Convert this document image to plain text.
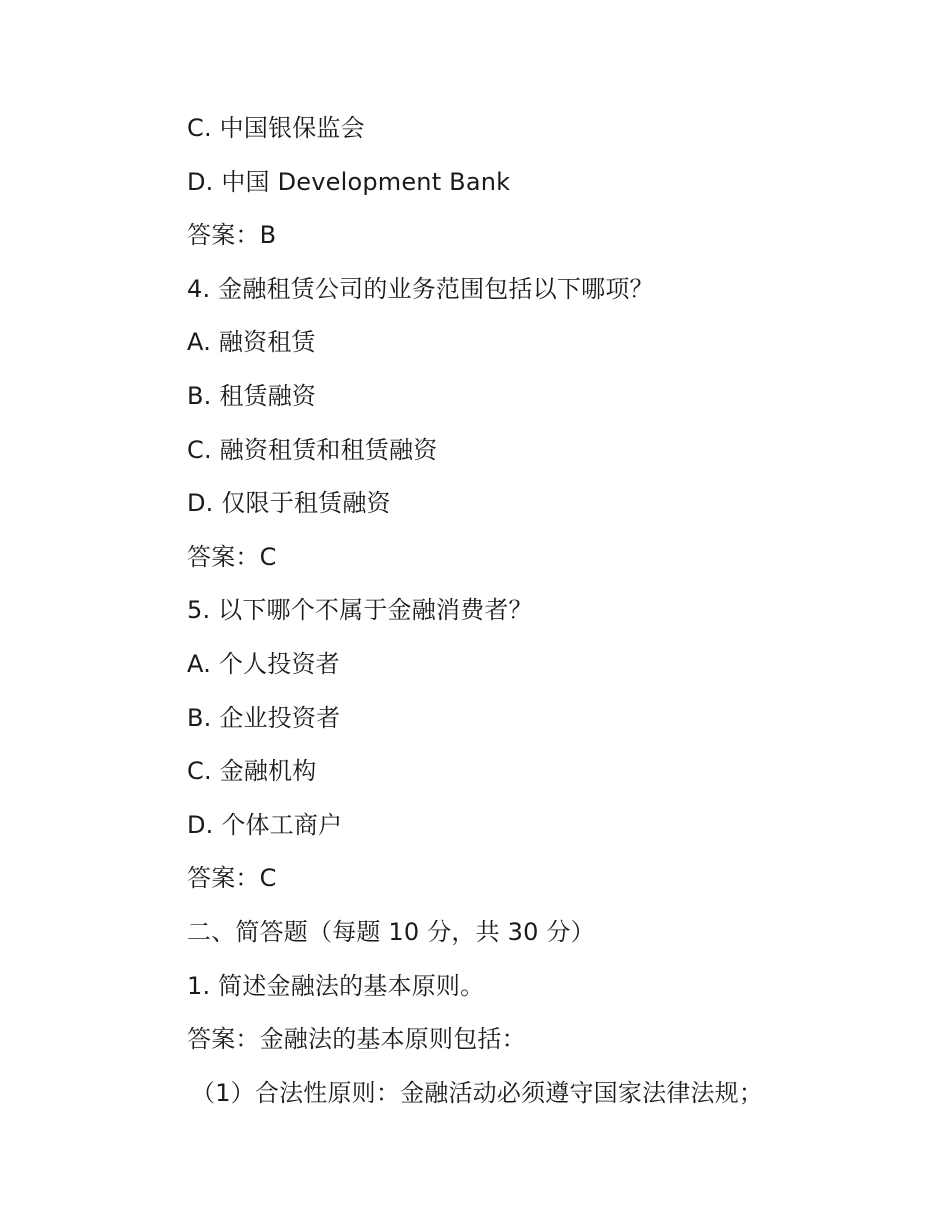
C. 中国银保监会
D. 中国 Development Bank
答案：B
4. 金融租赁公司的业务范围包括以下哪项？
A. 融资租赁
B. 租赁融资
C. 融资租赁和租赁融资
D. 仅限于租赁融资
答案：C
5. 以下哪个不属于金融消费者？
A. 个人投资者
B. 企业投资者
C. 金融机构
D. 个体工商户
答案：C
二、简答题（每题 10 分，共 30 分）
1. 简述金融法的基本原则。
答案：金融法的基本原则包括：
（1）合法性原则：金融活动必须遵守国家法律法规；
